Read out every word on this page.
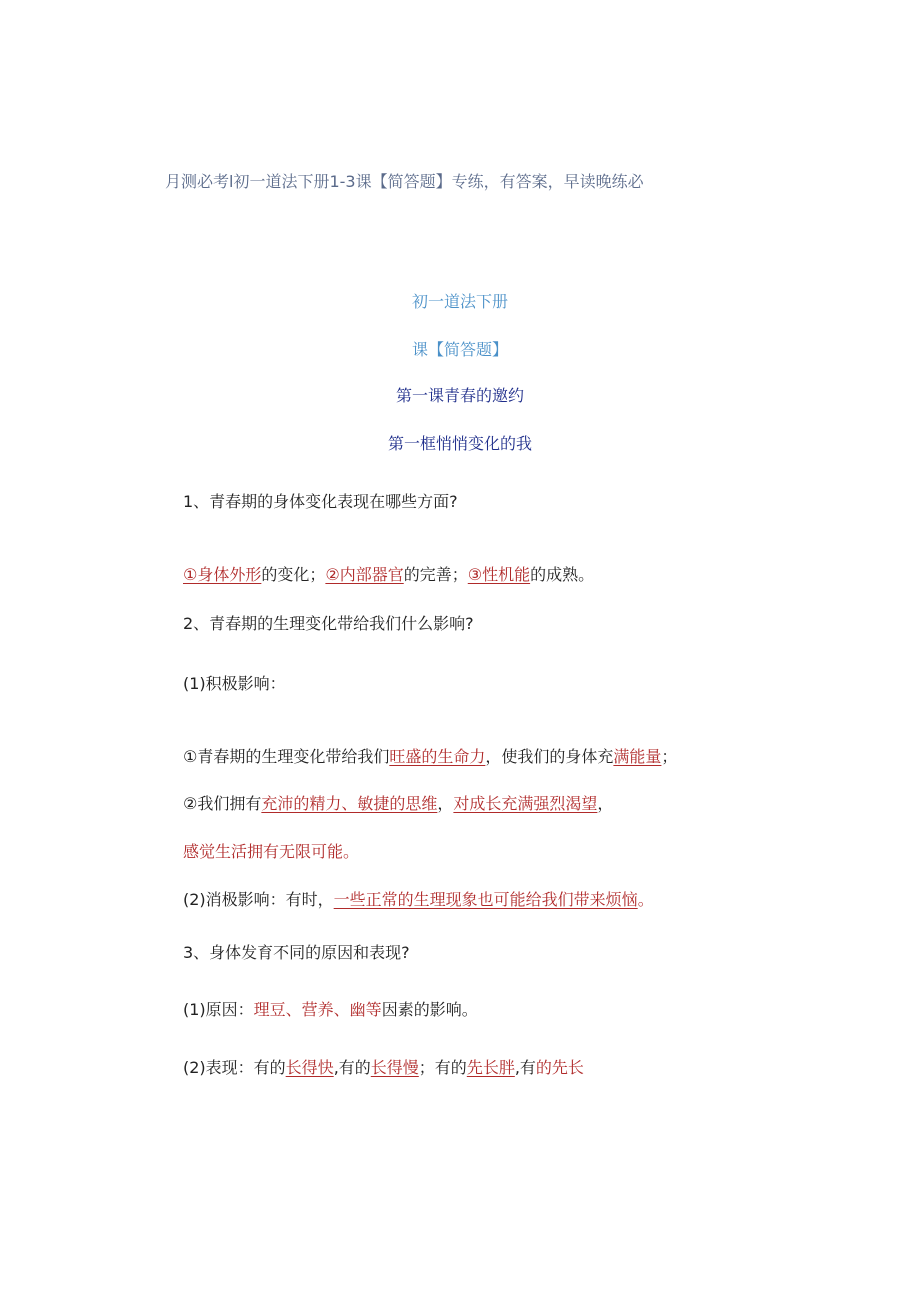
月测必考l初一道法下册1-3课【简答题】专练，有答案，早读晚练必
初一道法下册
课【简答题】
第一课青春的邀约
第一框悄悄变化的我
1、青春期的身体变化表现在哪些方面?
①身体外形的变化；②内部器官的完善；③性机能的成熟。
2、青春期的生理变化带给我们什么影响?
(1)积极影响：
①青春期的生理变化带给我们旺盛的生命力，使我们的身体充满能量；
②我们拥有充沛的精力、敏捷的思维，对成长充满强烈渴望，
感觉生活拥有无限可能。
(2)消极影响：有时，一些正常的生理现象也可能给我们带来烦恼。
3、身体发育不同的原因和表现?
(1)原因：理豆、营养、幽等因素的影响。
(2)表现：有的长得快,有的长得慢；有的先长胖,有的先长
